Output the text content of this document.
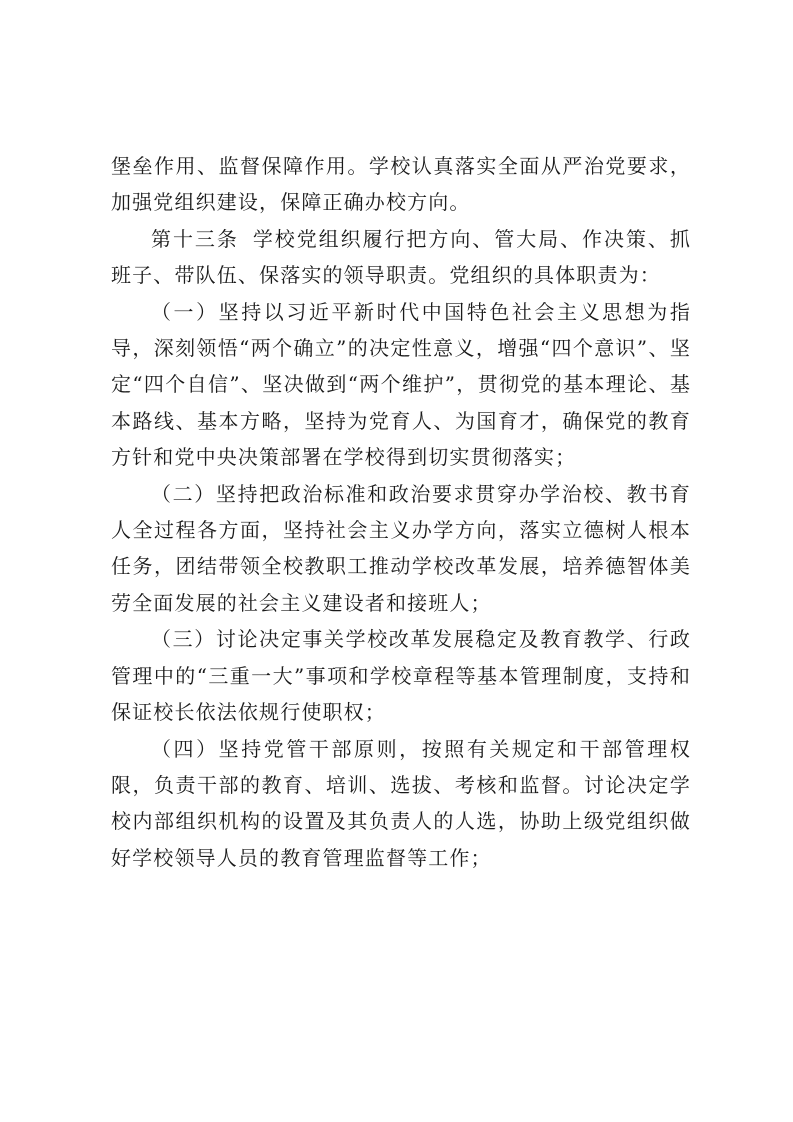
堡垒作用、监督保障作用。学校认真落实全面从严治党要求，加强党组织建设，保障正确办校方向。

第十三条 学校党组织履行把方向、管大局、作决策、抓班子、带队伍、保落实的领导职责。党组织的具体职责为：

（一）坚持以习近平新时代中国特色社会主义思想为指导，深刻领悟“两个确立”的决定性意义，增强“四个意识”、坚定“四个自信”、坚决做到“两个维护”，贯彻党的基本理论、基本路线、基本方略，坚持为党育人、为国育才，确保党的教育方针和党中央决策部署在学校得到切实贯彻落实；

（二）坚持把政治标准和政治要求贯穿办学治校、教书育人全过程各方面，坚持社会主义办学方向，落实立德树人根本任务，团结带领全校教职工推动学校改革发展，培养德智体美劳全面发展的社会主义建设者和接班人；

（三）讨论决定事关学校改革发展稳定及教育教学、行政管理中的“三重一大”事项和学校章程等基本管理制度，支持和保证校长依法依规行使职权；

（四）坚持党管干部原则，按照有关规定和干部管理权限，负责干部的教育、培训、选拔、考核和监督。讨论决定学校内部组织机构的设置及其负责人的人选，协助上级党组织做好学校领导人员的教育管理监督等工作；
